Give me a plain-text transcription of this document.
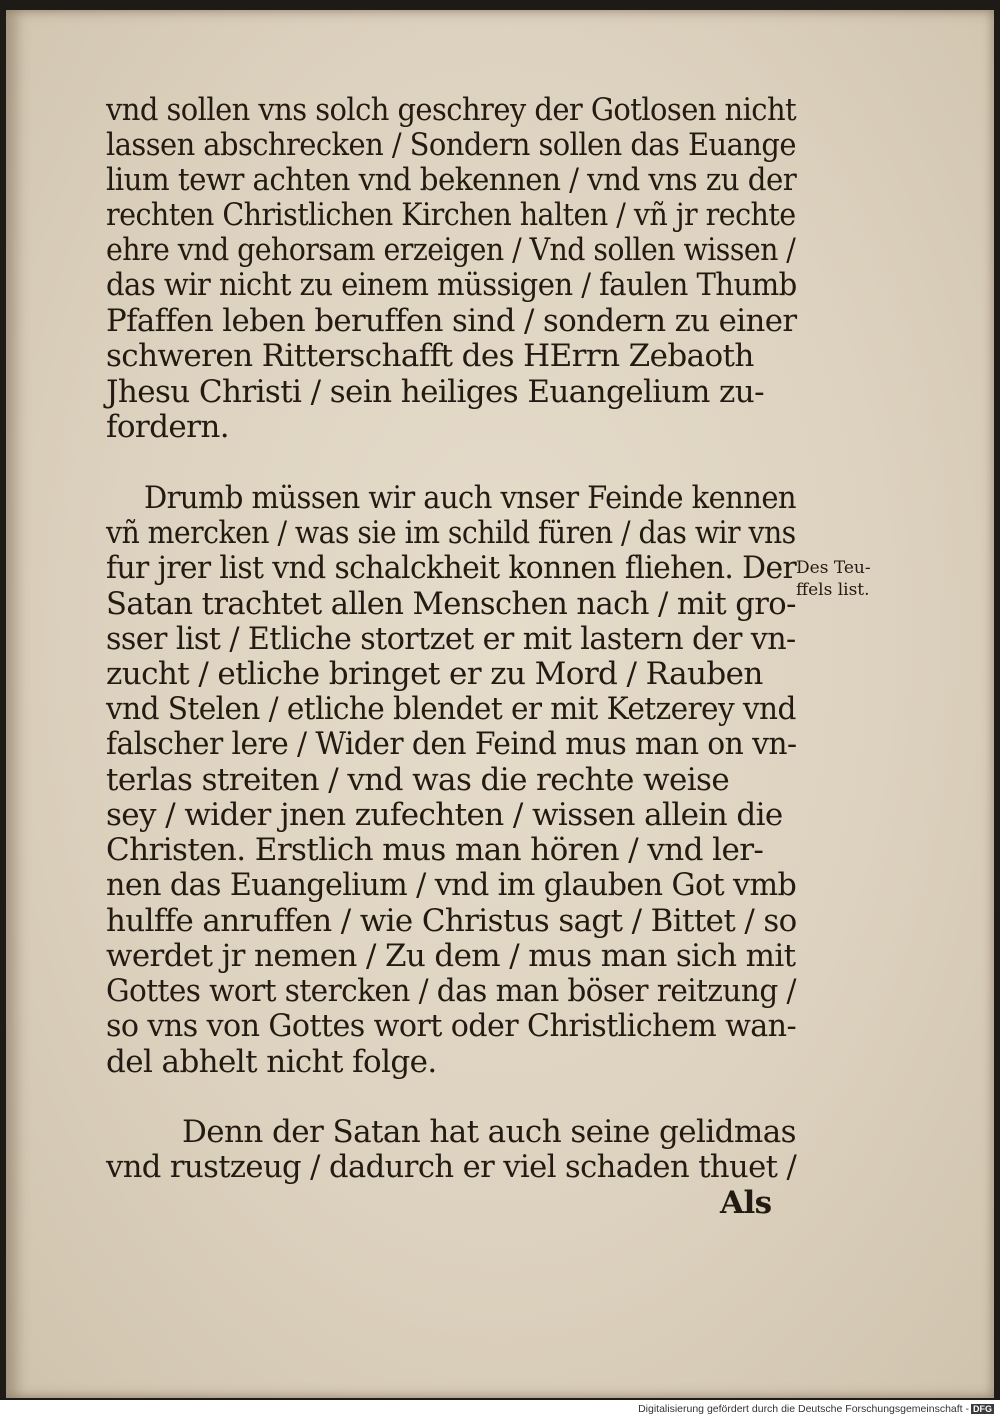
vnd sollen vns solch geschrey der Gotlosen nicht
lassen abschrecken / Sondern sollen das Euange
lium tewr achten vnd bekennen / vnd vns zu der
rechten Christlichen Kirchen halten / vñ jr rechte
ehre vnd gehorsam erzeigen / Vnd sollen wissen /
das wir nicht zu einem müssigen / faulen Thumb
Pfaffen leben beruffen sind / sondern zu einer
schweren Ritterschafft des HErrn Zebaoth
Jhesu Christi / sein heiliges Euangelium zu-
fordern.
Drumb müssen wir auch vnser Feinde kennen
vñ mercken / was sie im schild füren / das wir vns
fur jrer list vnd schalckheit konnen fliehen. Der
Satan trachtet allen Menschen nach / mit gro-
sser list / Etliche stortzet er mit lastern der vn-
zucht / etliche bringet er zu Mord / Rauben
vnd Stelen / etliche blendet er mit Ketzerey vnd
falscher lere / Wider den Feind mus man on vn-
terlas streiten / vnd was die rechte weise
sey / wider jnen zufechten / wissen allein die
Christen. Erstlich mus man hören / vnd ler-
nen das Euangelium / vnd im glauben Got vmb
hulffe anruffen / wie Christus sagt / Bittet / so
werdet jr nemen / Zu dem / mus man sich mit
Gottes wort stercken / das man böser reitzung /
so vns von Gottes wort oder Christlichem wan-
del abhelt nicht folge.
Des Teu-
ffels list.
Denn der Satan hat auch seine gelidmas
vnd rustzeug / dadurch er viel schaden thuet /
Als
Digitalisierung gefördert durch die Deutsche Forschungsgemeinschaft - DFG
